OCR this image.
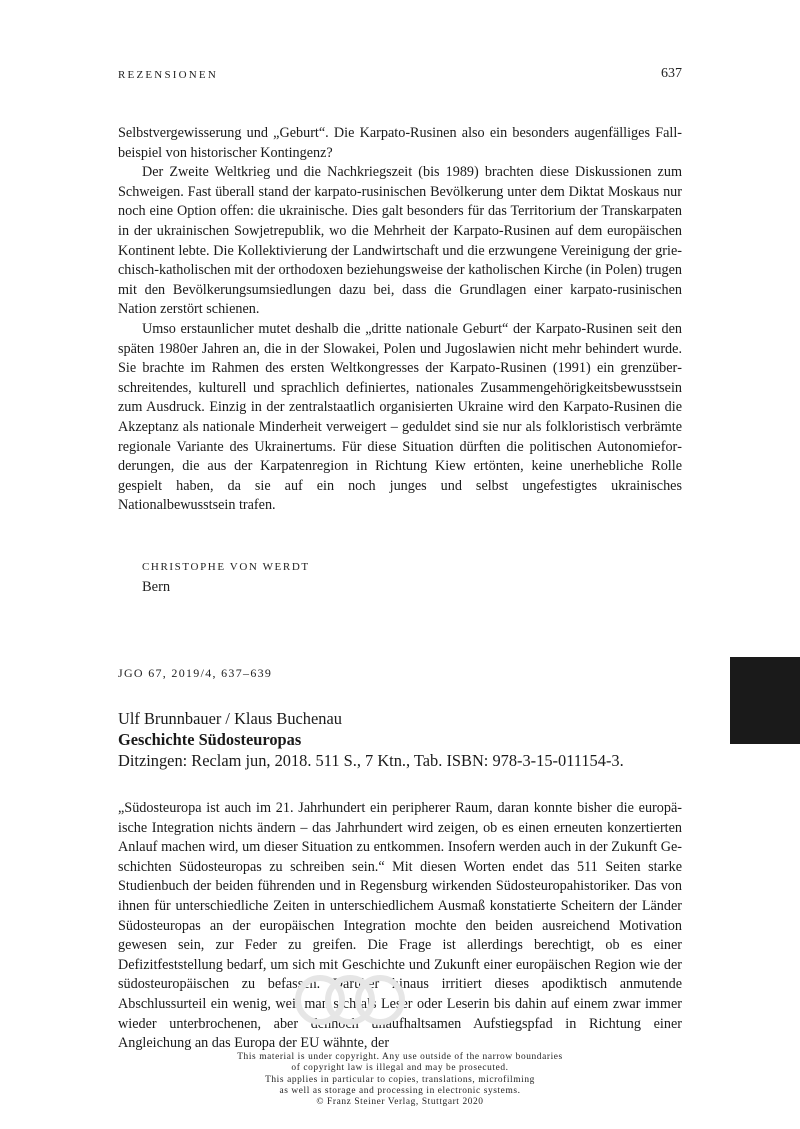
REZENSIONEN	637

Selbstvergewisserung und „Geburt“. Die Karpato-Rusinen also ein besonders augenfälliges Fallbeispiel von historischer Kontingenz?

Der Zweite Weltkrieg und die Nachkriegszeit (bis 1989) brachten diese Diskussionen zum Schweigen. Fast überall stand der karpato-rusinischen Bevölkerung unter dem Diktat Moskaus nur noch eine Option offen: die ukrainische. Dies galt besonders für das Territorium der Transkarpaten in der ukrainischen Sowjetrepublik, wo die Mehrheit der Karpato-Rusinen auf dem europäischen Kontinent lebte. Die Kollektivierung der Landwirtschaft und die erzwungene Vereinigung der griechisch-katholischen mit der orthodoxen beziehungsweise der katholischen Kirche (in Polen) trugen mit den Bevölkerungsumsiedlungen dazu bei, dass die Grundlagen einer karpato-rusinischen Nation zerstört schienen.

Umso erstaunlicher mutet deshalb die „dritte nationale Geburt“ der Karpato-Rusinen seit den späten 1980er Jahren an, die in der Slowakei, Polen und Jugoslawien nicht mehr behindert wurde. Sie brachte im Rahmen des ersten Weltkongresses der Karpato-Rusinen (1991) ein grenzüberschreitendes, kulturell und sprachlich definiertes, nationales Zusammengehörigkeitsbewusstsein zum Ausdruck. Einzig in der zentralstaatlich organisierten Ukraine wird den Karpato-Rusinen die Akzeptanz als nationale Minderheit verweigert – geduldet sind sie nur als folkloristisch verbrämte regionale Variante des Ukrainertums. Für diese Situation dürften die politischen Autonomieforderungen, die aus der Karpatenregion in Richtung Kiew ertönten, keine unerhebliche Rolle gespielt haben, da sie auf ein noch junges und selbst ungefestigtes ukrainisches Nationalbewusstsein trafen.

CHRISTOPHE VON WERDT
Bern
JGO 67, 2019/4, 637–639
Ulf Brunnbauer / Klaus Buchenau
Geschichte Südosteuropas
Ditzingen: Reclam jun, 2018. 511 S., 7 Ktn., Tab. ISBN: 978-3-15-011154-3.

„Südosteuropa ist auch im 21. Jahrhundert ein peripherer Raum, daran konnte bisher die europäische Integration nichts ändern – das Jahrhundert wird zeigen, ob es einen erneuten konzertierten Anlauf machen wird, um dieser Situation zu entkommen. Insofern werden auch in der Zukunft Geschichten Südosteuropas zu schreiben sein.“ Mit diesen Worten endet das 511 Seiten starke Studienbuch der beiden führenden und in Regensburg wirkenden Südosteuropahistoriker. Das von ihnen für unterschiedliche Zeiten in unterschiedlichem Ausmaß konstatierte Scheitern der Länder Südosteuropas an der europäischen Integration mochte den beiden ausreichend Motivation gewesen sein, zur Feder zu greifen. Die Frage ist allerdings berechtigt, ob es einer Defizitfeststellung bedarf, um sich mit Geschichte und Zukunft einer europäischen Region wie der südosteuropäischen zu befassen. Darüber hinaus irritiert dieses apodiktisch anmutende Abschlussurteil ein wenig, weil man sich als Leser oder Leserin bis dahin auf einem zwar immer wieder unterbrochenen, aber dennoch unaufhaltsamen Aufstiegspfad in Richtung einer Angleichung an das Europa der EU wähnte, der

This material is under copyright. Any use outside of the narrow boundaries
of copyright law is illegal and may be prosecuted.
This applies in particular to copies, translations, microfilming
as well as storage and processing in electronic systems.
© Franz Steiner Verlag, Stuttgart 2020
